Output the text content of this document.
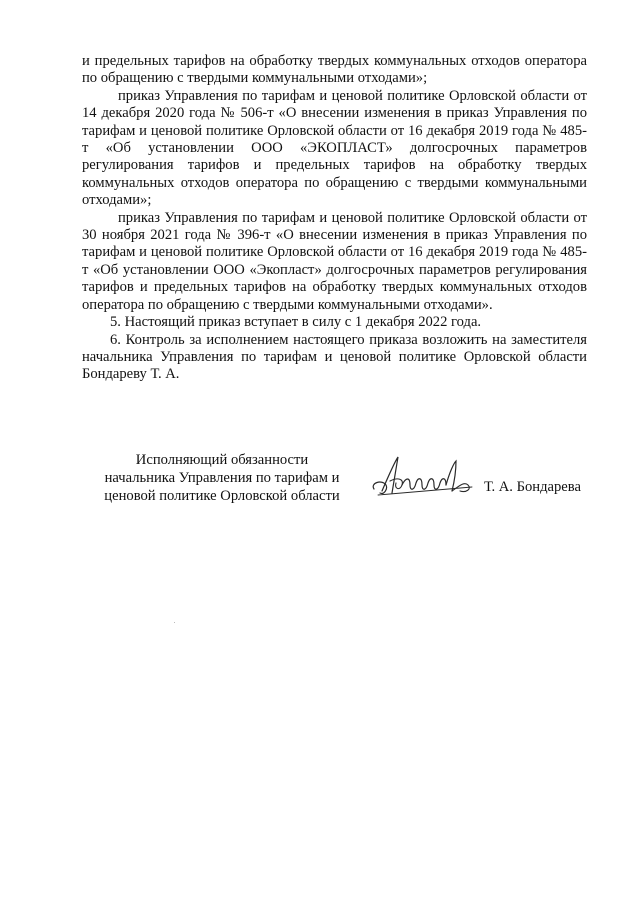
и предельных тарифов на обработку твердых коммунальных отходов оператора по обращению с твердыми коммунальными отходами»;

приказ Управления по тарифам и ценовой политике Орловской области от 14 декабря 2020 года № 506-т «О внесении изменения в приказ Управления по тарифам и ценовой политике Орловской области от 16 декабря 2019 года № 485-т «Об установлении ООО «ЭКОПЛАСТ» долгосрочных параметров регулирования тарифов и предельных тарифов на обработку твердых коммунальных отходов оператора по обращению с твердыми коммунальными отходами»;

приказ Управления по тарифам и ценовой политике Орловской области от 30 ноября 2021 года № 396-т «О внесении изменения в приказ Управления по тарифам и ценовой политике Орловской области от 16 декабря 2019 года № 485-т «Об установлении ООО «Экопласт» долгосрочных параметров регулирования тарифов и предельных тарифов на обработку твердых коммунальных отходов оператора по обращению с твердыми коммунальными отходами».

5. Настоящий приказ вступает в силу с 1 декабря 2022 года.

6. Контроль за исполнением настоящего приказа возложить на заместителя начальника Управления по тарифам и ценовой политике Орловской области Бондареву Т. А.

Исполняющий обязанности
начальника Управления по тарифам и
ценовой политике Орловской области
Т. А. Бондарева
